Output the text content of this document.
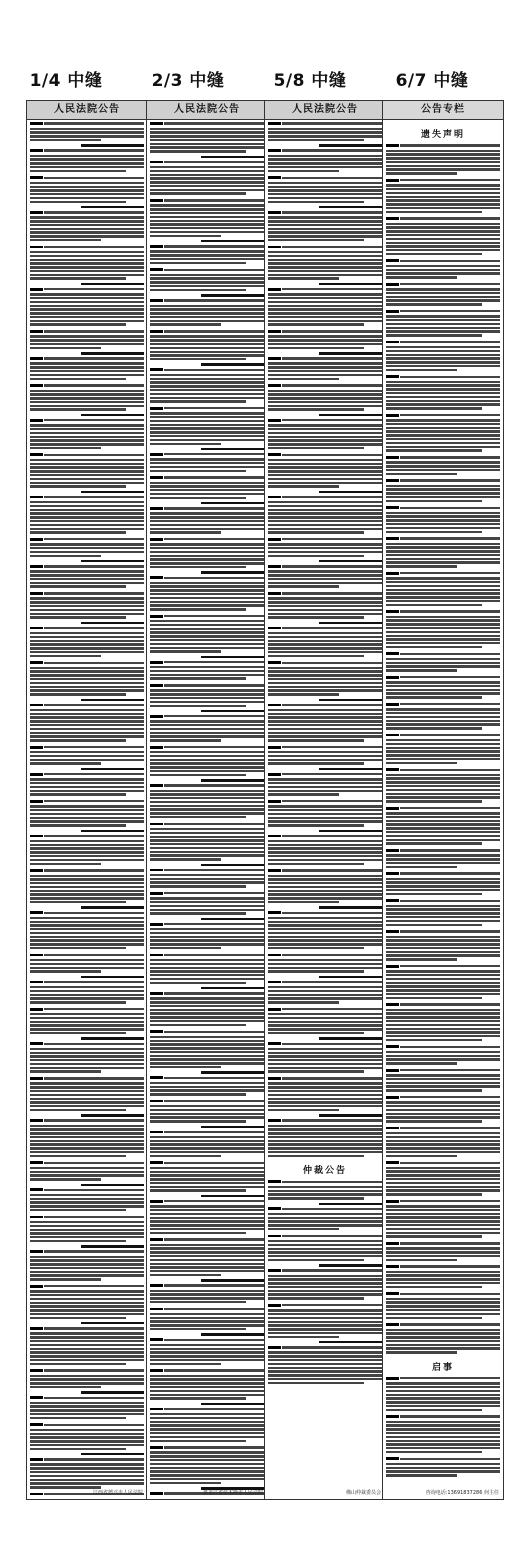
1/4 中缝	2/3 中缝	5/8 中缝	6/7 中缝
人民法院公告
江西省德兴市人民法院
人民法院公告
黑龙江省佳木斯市人民法院
人民法院公告
仲裁公告
佛山仲裁委员会
公告专栏
遗失声明
启事
咨询电话:13691837286 何主任
